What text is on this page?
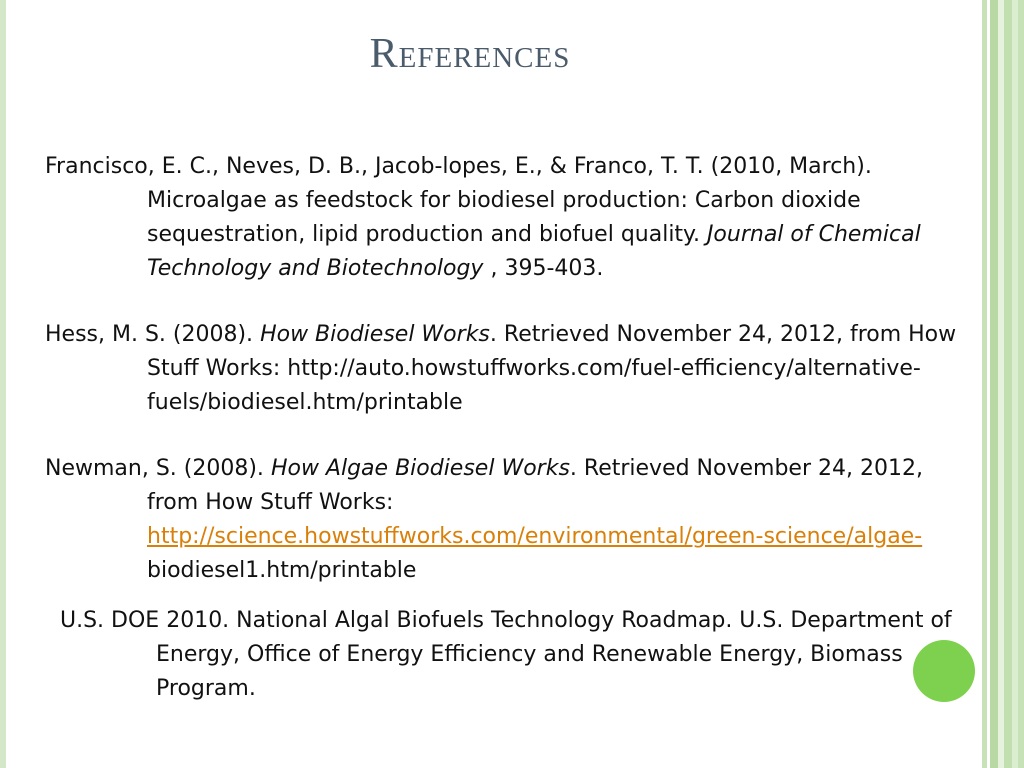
References

Francisco, E. C., Neves, D. B., Jacob-lopes, E., & Franco, T. T. (2010, March). Microalgae as feedstock for biodiesel production: Carbon dioxide sequestration, lipid production and biofuel quality. Journal of Chemical Technology and Biotechnology , 395-403.

Hess, M. S. (2008). How Biodiesel Works. Retrieved November 24, 2012, from How Stuff Works: http://auto.howstuffworks.com/fuel-efficiency/alternative-fuels/biodiesel.htm/printable

Newman, S. (2008). How Algae Biodiesel Works. Retrieved November 24, 2012, from How Stuff Works: http://science.howstuffworks.com/environmental/green-science/algae- biodiesel1.htm/printable

U.S. DOE 2010. National Algal Biofuels Technology Roadmap. U.S. Department of Energy, Office of Energy Efficiency and Renewable Energy, Biomass Program.
